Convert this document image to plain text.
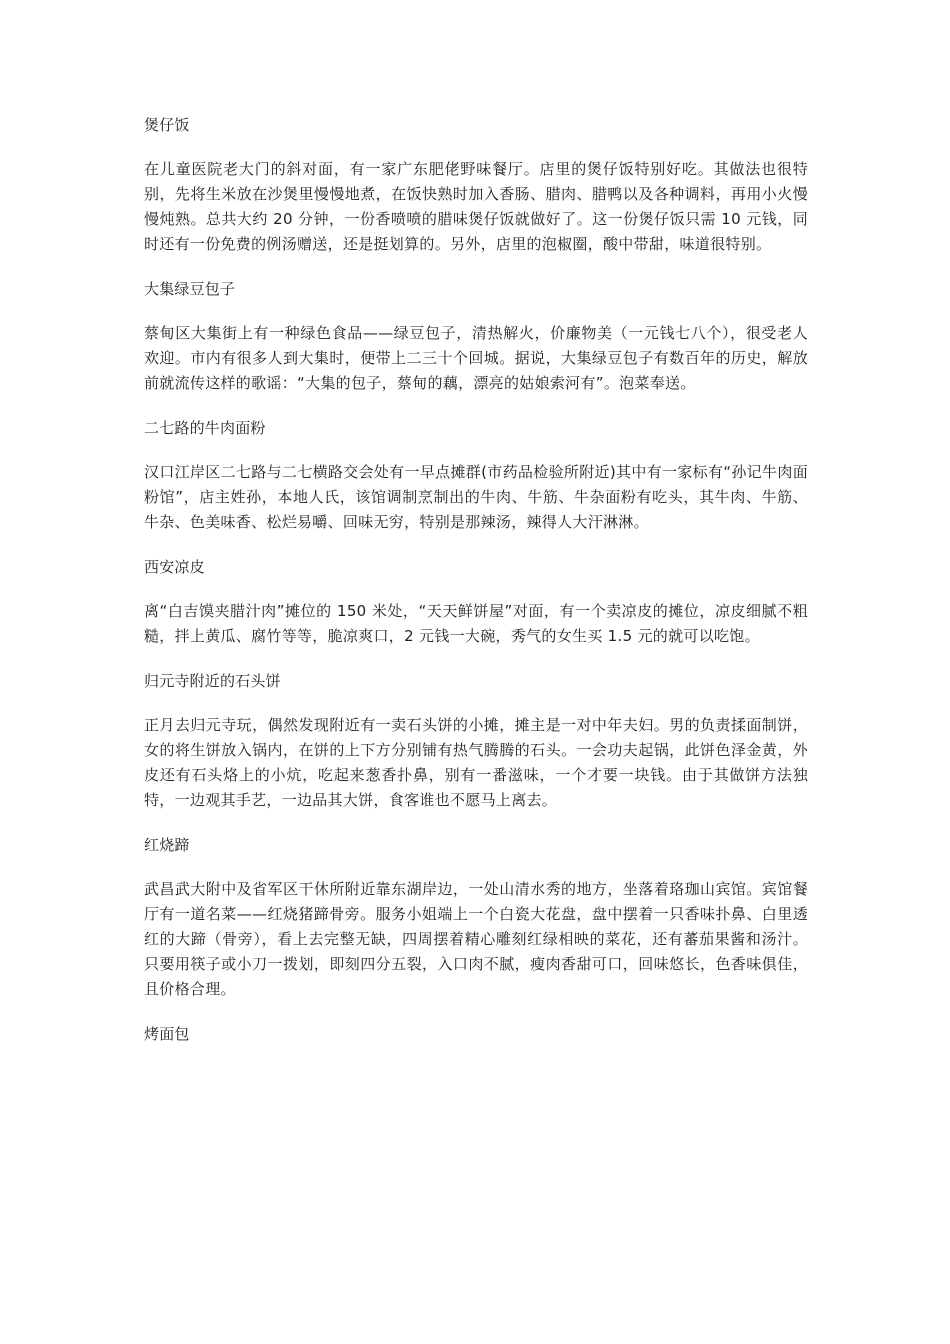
煲仔饭
在儿童医院老大门的斜对面，有一家广东肥佬野味餐厅。店里的煲仔饭特别好吃。其做法也很特别，先将生米放在沙煲里慢慢地煮，在饭快熟时加入香肠、腊肉、腊鸭以及各种调料，再用小火慢慢炖熟。总共大约 20 分钟，一份香喷喷的腊味煲仔饭就做好了。这一份煲仔饭只需 10 元钱，同时还有一份免费的例汤赠送，还是挺划算的。另外，店里的泡椒圈，酸中带甜，味道很特别。
大集绿豆包子
蔡甸区大集街上有一种绿色食品——绿豆包子，清热解火，价廉物美（一元钱七八个），很受老人欢迎。市内有很多人到大集时，便带上二三十个回城。据说，大集绿豆包子有数百年的历史，解放前就流传这样的歌谣：“大集的包子，蔡甸的藕，漂亮的姑娘索河有”。泡菜奉送。
二七路的牛肉面粉
汉口江岸区二七路与二七横路交会处有一早点摊群(市药品检验所附近)其中有一家标有“孙记牛肉面粉馆”，店主姓孙，本地人氏，该馆调制烹制出的牛肉、牛筋、牛杂面粉有吃头，其牛肉、牛筋、牛杂、色美味香、松烂易嚼、回味无穷，特别是那辣汤，辣得人大汗淋淋。
西安凉皮
离“白吉馍夹腊汁肉”摊位的 150 米处，“天天鲜饼屋”对面，有一个卖凉皮的摊位，凉皮细腻不粗糙，拌上黄瓜、腐竹等等，脆凉爽口，2 元钱一大碗，秀气的女生买 1.5 元的就可以吃饱。
归元寺附近的石头饼
正月去归元寺玩，偶然发现附近有一卖石头饼的小摊，摊主是一对中年夫妇。男的负责揉面制饼，女的将生饼放入锅内，在饼的上下方分别铺有热气腾腾的石头。一会功夫起锅，此饼色泽金黄，外皮还有石头烙上的小炕，吃起来葱香扑鼻，别有一番滋味，一个才要一块钱。由于其做饼方法独特，一边观其手艺，一边品其大饼，食客谁也不愿马上离去。
红烧蹄
武昌武大附中及省军区干休所附近靠东湖岸边，一处山清水秀的地方，坐落着珞珈山宾馆。宾馆餐厅有一道名菜——红烧猪蹄骨旁。服务小姐端上一个白瓷大花盘，盘中摆着一只香味扑鼻、白里透红的大蹄（骨旁），看上去完整无缺，四周摆着精心雕刻红绿相映的菜花，还有蕃茄果酱和汤汁。只要用筷子或小刀一拨划，即刻四分五裂，入口肉不腻，瘦肉香甜可口，回味悠长，色香味俱佳，且价格合理。
烤面包
